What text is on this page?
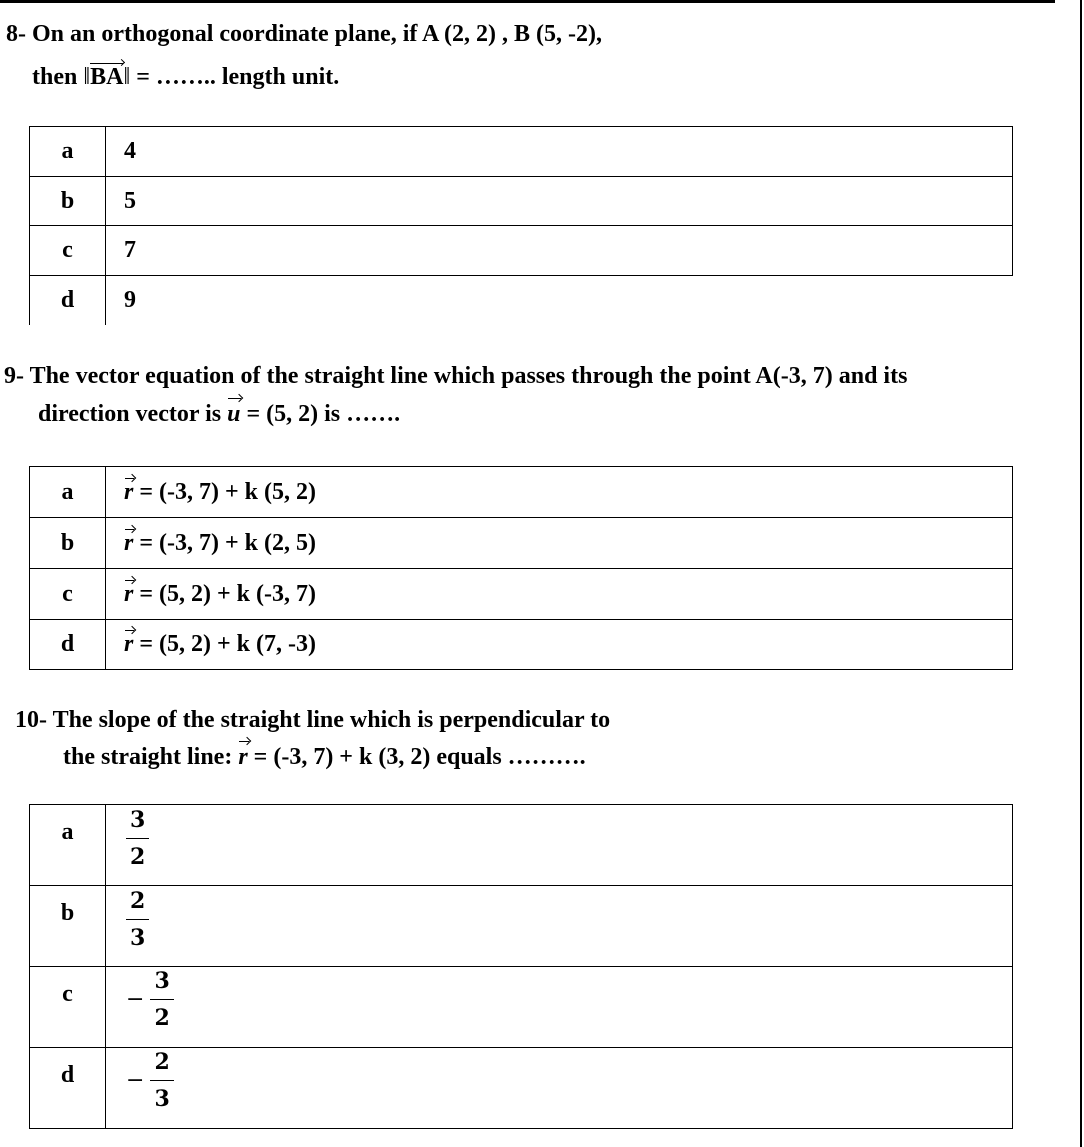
8- On an orthogonal coordinate plane, if A (2, 2) , B (5, -2),
then ‖BA‖ = …….. length unit.
a	4
b	5
c	7
d	9
9- The vector equation of the straight line which passes through the point A(-3, 7) and its
direction vector is u = (5, 2) is …….
a	r = (-3, 7) + k (5, 2)
b	r = (-3, 7) + k (2, 5)
c	r = (5, 2) + k (-3, 7)
d	r = (5, 2) + k (7, -3)
10- The slope of the straight line which is perpendicular to
the straight line: r = (-3, 7) + k (3, 2) equals ……….
a	$\frac{3}{2}$

b	$\frac{2}{3}$

c	− $\frac{3}{2}$

d	− $\frac{2}{3}$
